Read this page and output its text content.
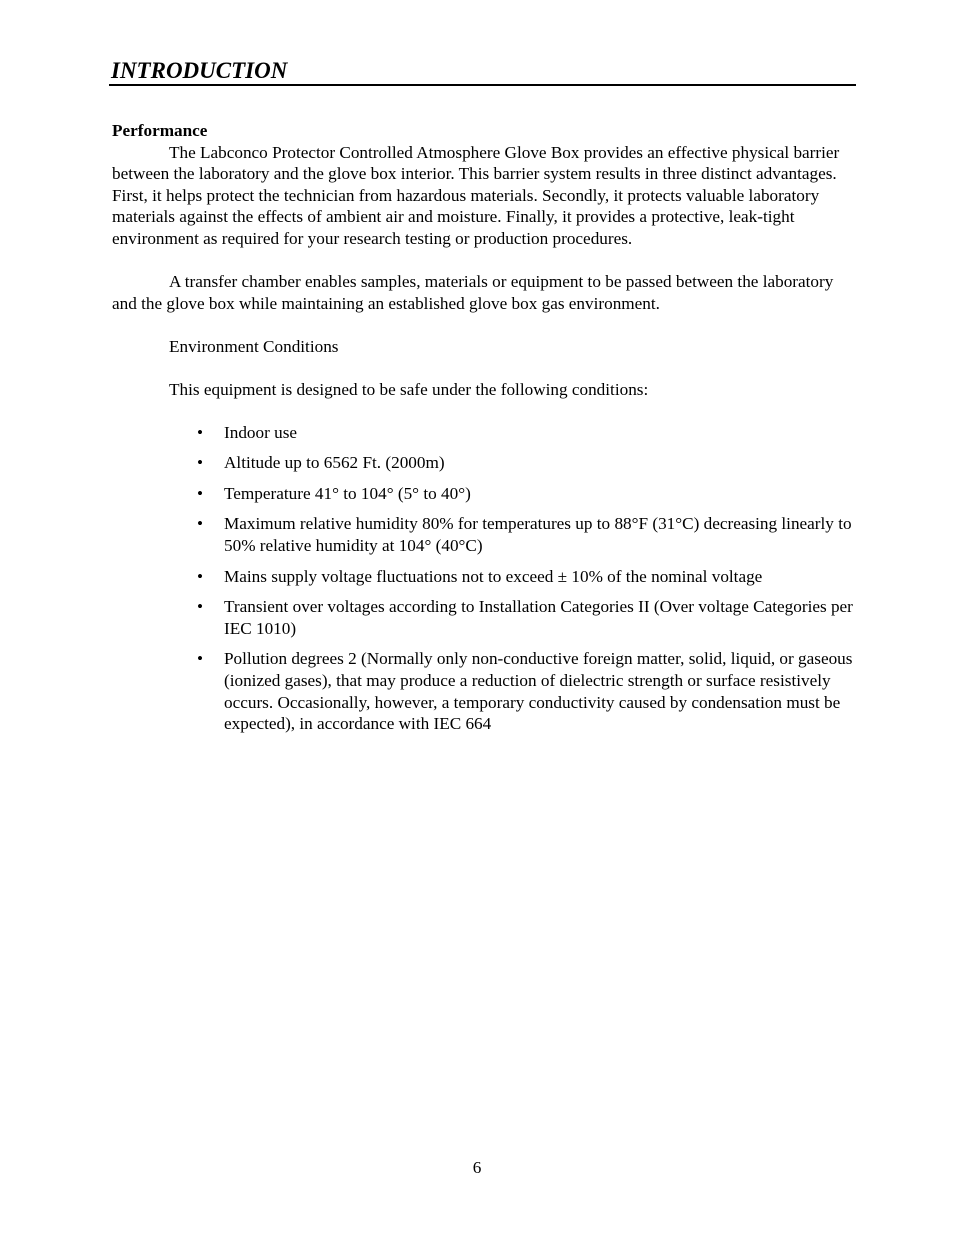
INTRODUCTION

Performance

The Labconco Protector Controlled Atmosphere Glove Box provides an effective physical barrier between the laboratory and the glove box interior. This barrier system results in three distinct advantages. First, it helps protect the technician from hazardous materials. Secondly, it protects valuable laboratory materials against the effects of ambient air and moisture. Finally, it provides a protective, leak-tight environment as required for your research testing or production procedures.

A transfer chamber enables samples, materials or equipment to be passed between the laboratory and the glove box while maintaining an established glove box gas environment.

Environment Conditions

This equipment is designed to be safe under the following conditions:

• Indoor use
• Altitude up to 6562 Ft. (2000m)
• Temperature 41° to 104° (5° to 40°)
• Maximum relative humidity 80% for temperatures up to 88°F (31°C) decreasing linearly to 50% relative humidity at 104° (40°C)
• Mains supply voltage fluctuations not to exceed ± 10% of the nominal voltage
• Transient over voltages according to Installation Categories II (Over voltage Categories per IEC 1010)
• Pollution degrees 2 (Normally only non-conductive foreign matter, solid, liquid, or gaseous (ionized gases), that may produce a reduction of dielectric strength or surface resistively occurs. Occasionally, however, a temporary conductivity caused by condensation must be expected), in accordance with IEC 664
6
